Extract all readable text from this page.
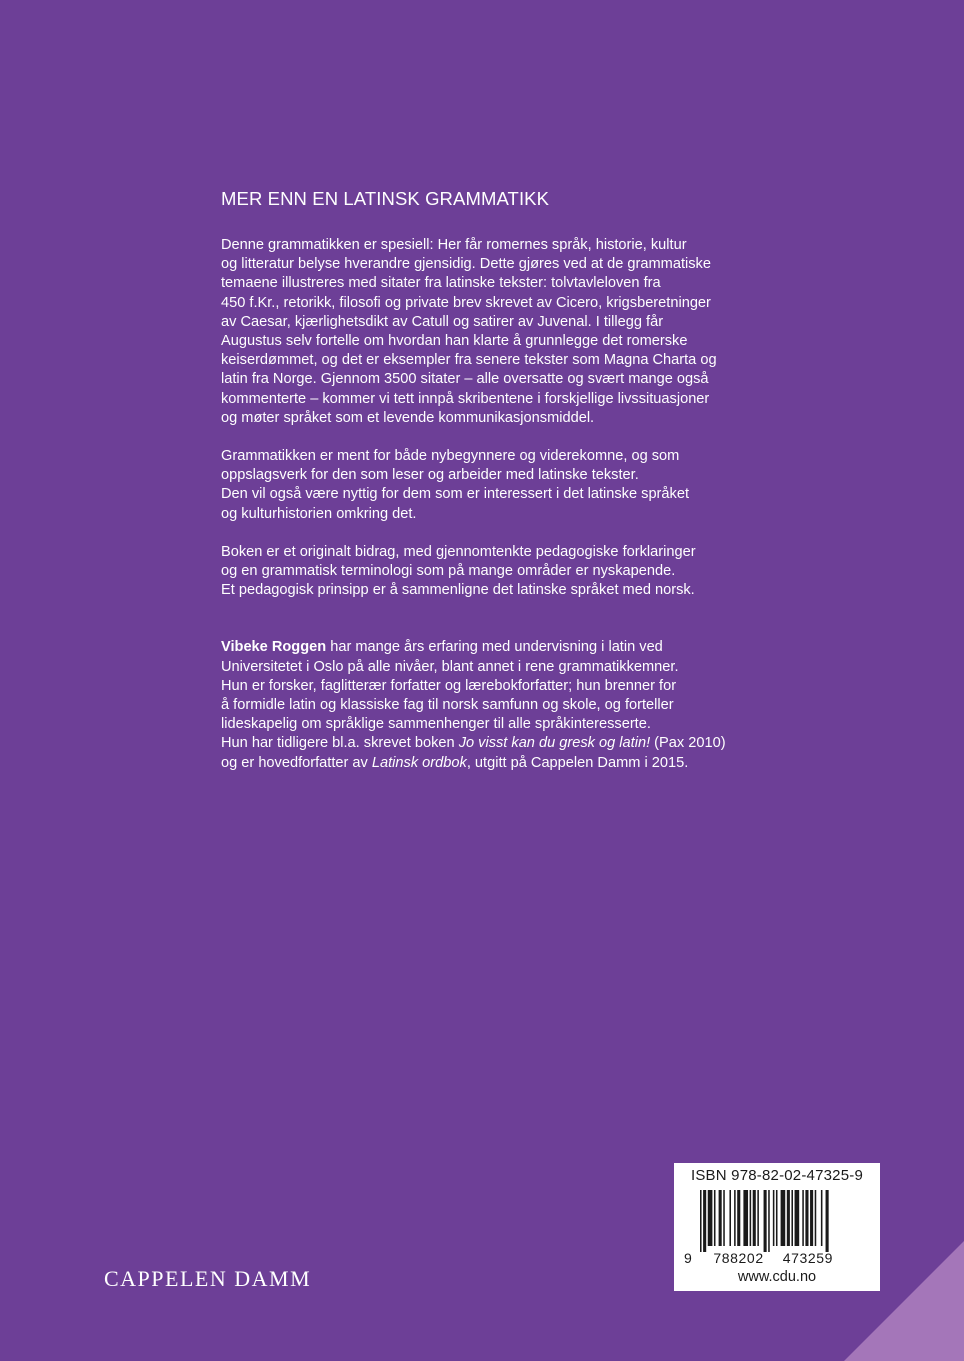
MER ENN EN LATINSK GRAMMATIKK
Denne grammatikken er spesiell: Her får romernes språk, historie, kultur
og litteratur belyse hverandre gjensidig. Dette gjøres ved at de grammatiske
temaene illustreres med sitater fra latinske tekster: tolvtavleloven fra
450 f.Kr., retorikk, filosofi og private brev skrevet av Cicero, krigsberetninger
av Caesar, kjærlighetsdikt av Catull og satirer av Juvenal. I tillegg får
Augustus selv fortelle om hvordan han klarte å grunnlegge det romerske
keiserdømmet, og det er eksempler fra senere tekster som Magna Charta og
latin fra Norge. Gjennom 3500 sitater – alle oversatte og svært mange også
kommenterte – kommer vi tett innpå skribentene i forskjellige livssituasjoner
og møter språket som et levende kommunikasjonsmiddel.
Grammatikken er ment for både nybegynnere og viderekomne, og som
oppslagsverk for den som leser og arbeider med latinske tekster.
Den vil også være nyttig for dem som er interessert i det latinske språket
og kulturhistorien omkring det.
Boken er et originalt bidrag, med gjennomtenkte pedagogiske forklaringer
og en grammatisk terminologi som på mange områder er nyskapende.
Et pedagogisk prinsipp er å sammenligne det latinske språket med norsk.
Vibeke Roggen har mange års erfaring med undervisning i latin ved
Universitetet i Oslo på alle nivåer, blant annet i rene grammatikkemner.
Hun er forsker, faglitterær forfatter og lærebokforfatter; hun brenner for
å formidle latin og klassiske fag til norsk samfunn og skole, og forteller
lideskapelig om språklige sammenhenger til alle språkinteresserte.
Hun har tidligere bl.a. skrevet boken Jo visst kan du gresk og latin! (Pax 2010)
og er hovedforfatter av Latinsk ordbok, utgitt på Cappelen Damm i 2015.
CAPPELEN DAMM
ISBN 978-82-02-47325-9
9 788202 473259
www.cdu.no
